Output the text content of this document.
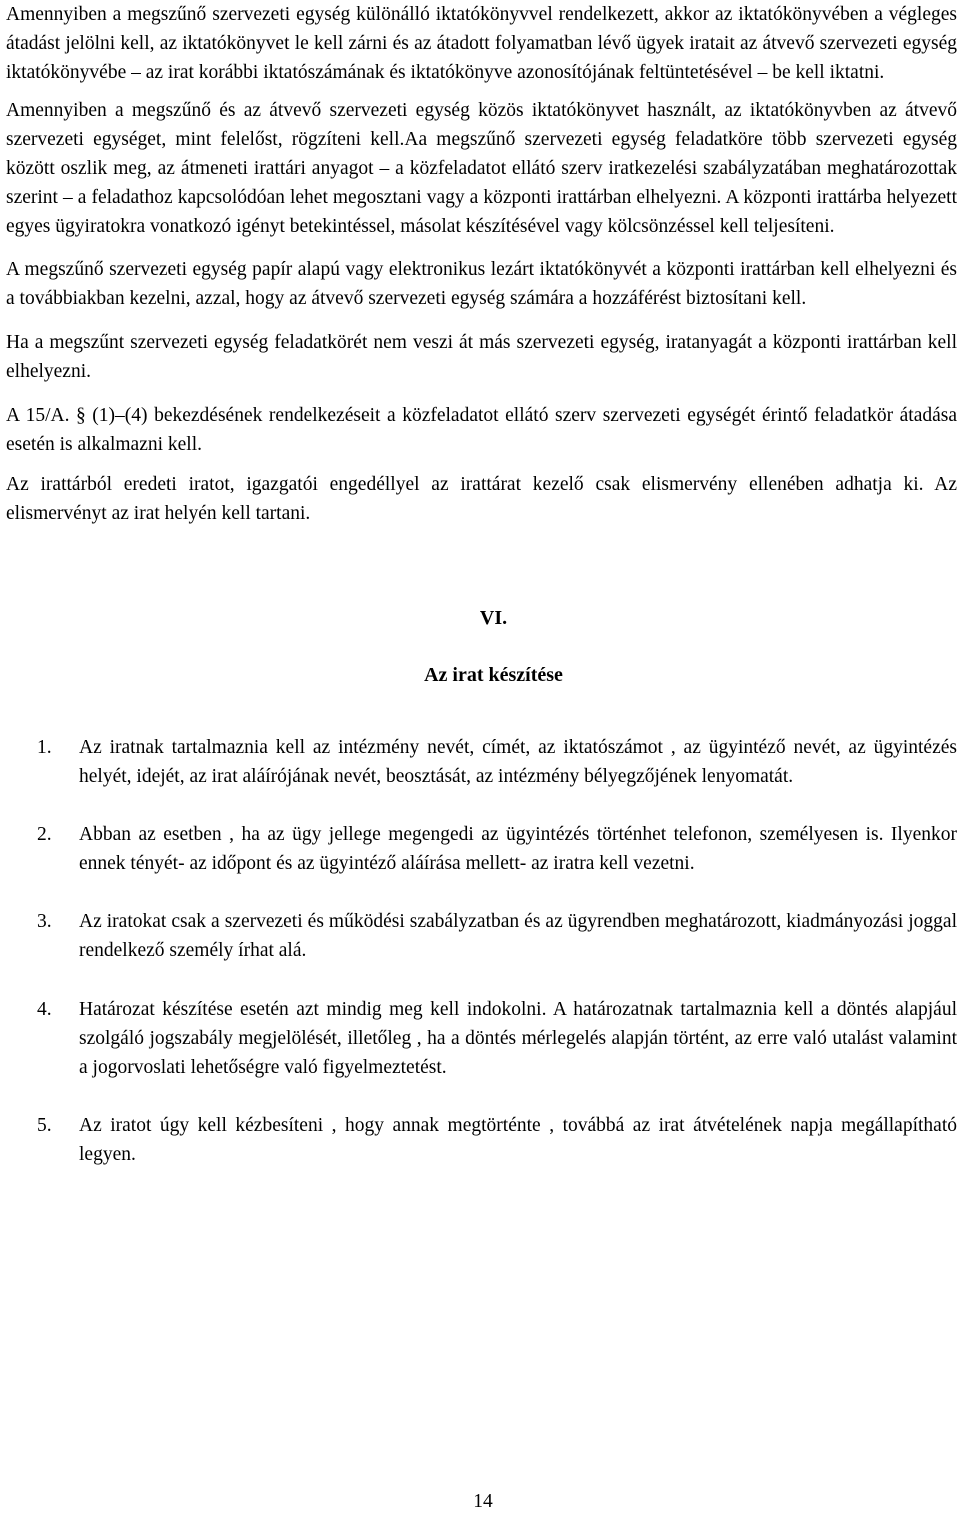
Amennyiben a megszűnő szervezeti egység különálló iktatókönyvvel rendelkezett, akkor az iktatókönyvében a végleges átadást jelölni kell, az iktatókönyvet le kell zárni és az átadott folyamatban lévő ügyek iratait az átvevő szervezeti egység iktatókönyvébe – az irat korábbi iktatószámának és iktatókönyve azonosítójának feltüntetésével – be kell iktatni.

Amennyiben a megszűnő és az átvevő szervezeti egység közös iktatókönyvet használt, az iktatókönyvben az átvevő szervezeti egységet, mint felelőst, rögzíteni kell.Aa megszűnő szervezeti egység feladatköre több szervezeti egység között oszlik meg, az átmeneti irattári anyagot – a közfeladatot ellátó szerv iratkezelési szabályzatában meghatározottak szerint – a feladathoz kapcsolódóan lehet megosztani vagy a központi irattárban elhelyezni. A központi irattárba helyezett egyes ügyiratokra vonatkozó igényt betekintéssel, másolat készítésével vagy kölcsönzéssel kell teljesíteni.

A megszűnő szervezeti egység papír alapú vagy elektronikus lezárt iktatókönyvét a központi irattárban kell elhelyezni és a továbbiakban kezelni, azzal, hogy az átvevő szervezeti egység számára a hozzáférést biztosítani kell.

Ha a megszűnt szervezeti egység feladatkörét nem veszi át más szervezeti egység, iratanyagát a központi irattárban kell elhelyezni.

A 15/A. § (1)–(4) bekezdésének rendelkezéseit a közfeladatot ellátó szerv szervezeti egységét érintő feladatkör átadása esetén is alkalmazni kell.

Az irattárból eredeti iratot, igazgatói engedéllyel az irattárat kezelő csak elismervény ellenében adhatja ki. Az elismervényt az irat helyén kell tartani.

VI.
Az irat készítése
1. Az iratnak tartalmaznia kell az intézmény nevét, címét, az iktatószámot , az ügyintéző nevét, az ügyintézés helyét, idejét, az irat aláírójának nevét, beosztását, az intézmény bélyegzőjének lenyomatát.
2. Abban az esetben , ha az ügy jellege megengedi az ügyintézés történhet telefonon, személyesen is. Ilyenkor ennek tényét- az időpont és az ügyintéző aláírása mellett- az iratra kell vezetni.
3. Az iratokat csak a szervezeti és működési szabályzatban és az ügyrendben meghatározott, kiadmányozási joggal rendelkező személy írhat alá.
4. Határozat készítése esetén azt mindig meg kell indokolni. A határozatnak tartalmaznia kell a döntés alapjául szolgáló jogszabály megjelölését, illetőleg , ha a döntés mérlegelés alapján történt, az erre való utalást valamint a jogorvoslati lehetőségre való figyelmeztetést.
5. Az iratot úgy kell kézbesíteni , hogy annak megtörténte , továbbá az irat átvételének napja megállapítható legyen.
14
